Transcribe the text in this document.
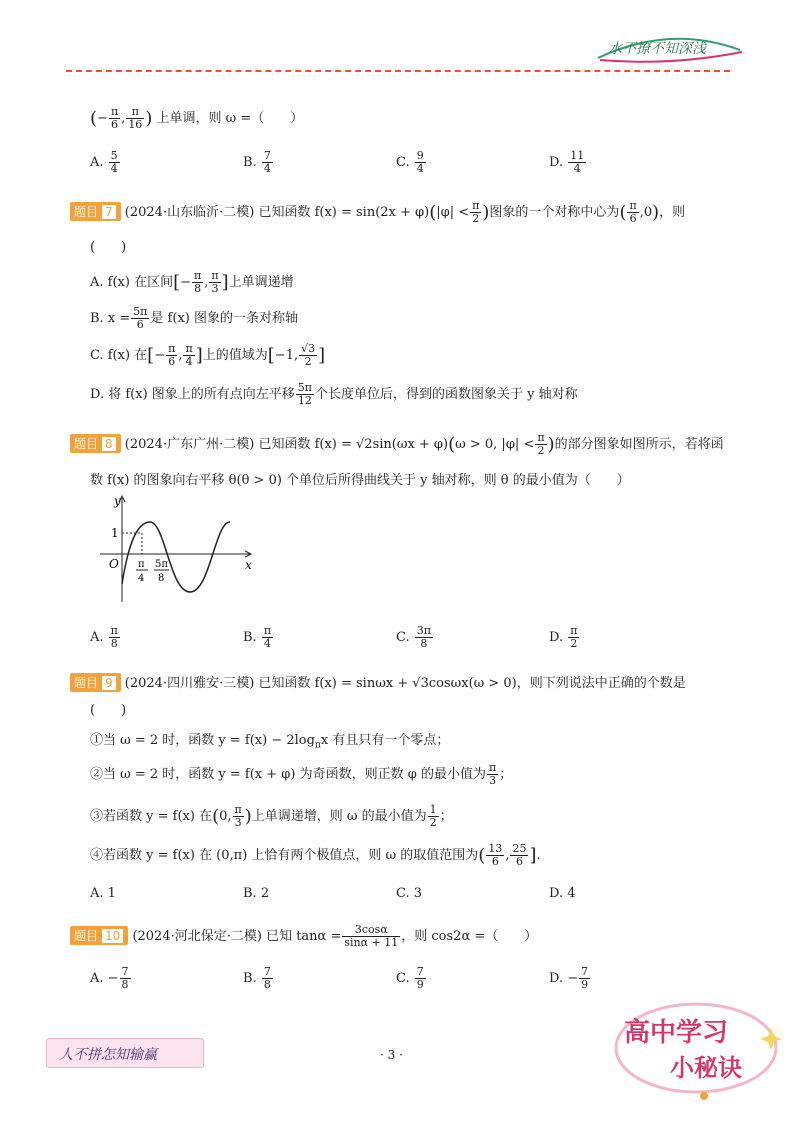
水不撩不知深浅
(− $\frac{\pi}{6}$ , $\frac{\pi}{16}$ ) 上单调，则 ω =（　　）
A. $\frac{5}{4}$	B. $\frac{7}{4}$	C. $\frac{9}{4}$	D. $\frac{11}{4}$
题目 7 (2024·山东临沂·二模) 已知函数 $f(x) = \sin(2x + \varphi)(|\varphi| < \frac{\pi}{2}$ )图象的一个对称中心为( $\frac{\pi}{6} ,0$)，则
(　　)
A. f(x) 在区间[− $\frac{\pi}{8}$ , $\frac{\pi}{3}$ ]上单调递增
B. $x = \frac{5\pi}{6}$ 是 f(x) 图象的一条对称轴
C. f(x) 在[− $\frac{\pi}{6}$ , $\frac{\pi}{4}$ ]上的值域为[−1, $\frac{√3}{2}$ ]
D. 将 f(x) 图象上的所有点向左平移 $\frac{5\pi}{12}$ 个长度单位后，得到的函数图象关于 y 轴对称
题目 8 (2024·广东广州·二模) 已知函数 f(x) = √2sin(ωx + φ)(ω > 0, $|\varphi| < \frac{\pi}{2}$ )的部分图象如图所示，若将函
数 f(x) 的图象向右平移 θ(θ > 0) 个单位后所得曲线关于 y 轴对称，则 θ 的最小值为（　　）
y
x
O
1
π
4
5π
8
A. $\frac{\pi}{8}$	B. $\frac{\pi}{4}$	C. $\frac{3\pi}{8}$	D. $\frac{\pi}{2}$
题目 9 (2024·四川雅安·三模) 已知函数 f(x) = sinωx + √3cosωx(ω > 0)，则下列说法中正确的个数是
(　　)
①当 ω = 2 时，函数 $y = f(x) - 2\log_\pi x$ 有且只有一个零点；
②当 ω = 2 时，函数 y = f(x + φ) 为奇函数，则正数 φ 的最小值为 $\frac{\pi}{3}$ ；
③若函数 y = f(x) 在(0, $\frac{\pi}{3}$ )上单调递增，则 ω 的最小值为 $\frac{1}{2}$ ；
④若函数 y = f(x) 在 (0,π) 上恰有两个极值点，则 ω 的取值范围为( $\frac{13}{6}$ , $\frac{25}{6}$ ].
A. 1	B. 2	C. 3	D. 4
题目 10 (2024·河北保定·二模) 已知 $\tan\alpha = \frac{3\cos\alpha}{\sin\alpha + 11}$ ，则 cos2α =（　　）
A. − $\frac{7}{8}$	B. $\frac{7}{8}$	C. $\frac{7}{9}$	D. − $\frac{7}{9}$
人不拼怎知输赢	· 3 ·
高中学习
小秘诀
